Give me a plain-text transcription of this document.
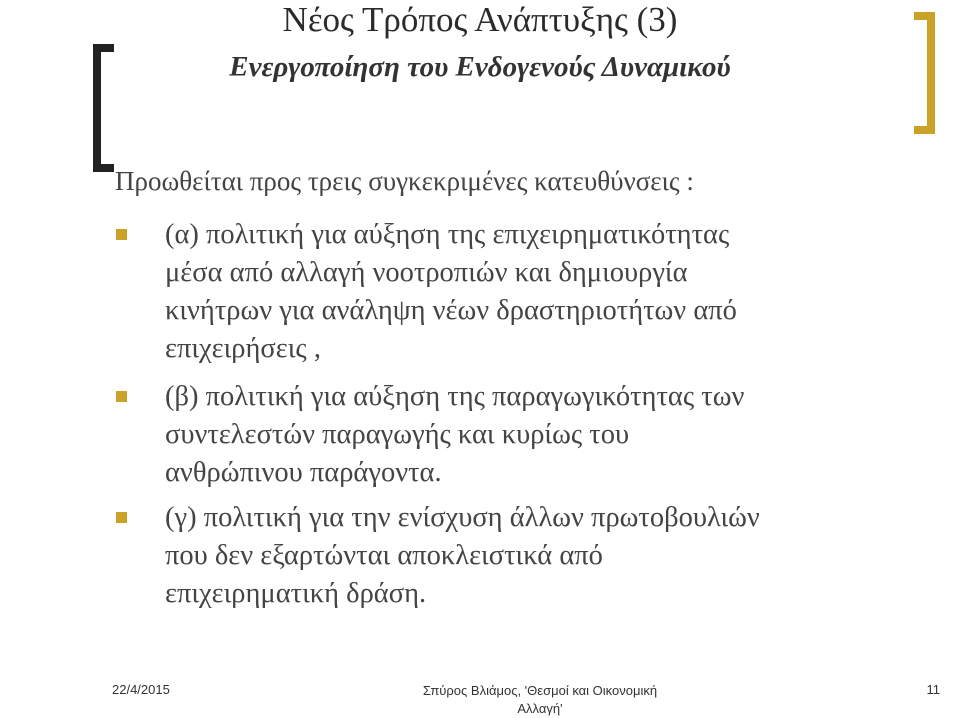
Νέος Τρόπος Ανάπτυξης (3)
Ενεργοποίηση του Ενδογενούς Δυναμικού
Προωθείται προς τρεις συγκεκριμένες κατευθύνσεις :
(α) πολιτική για αύξηση της επιχειρηματικότητας
μέσα από αλλαγή νοοτροπιών και δημιουργία
κινήτρων για ανάληψη νέων δραστηριοτήτων από
επιχειρήσεις ,
(β) πολιτική για αύξηση της παραγωγικότητας των
συντελεστών παραγωγής και κυρίως του
ανθρώπινου παράγοντα.
(γ) πολιτική για την ενίσχυση άλλων πρωτοβουλιών
που δεν εξαρτώνται αποκλειστικά από
επιχειρηματική δράση.
22/4/2015	Σπύρος Βλιάμος, 'Θεσμοί και Οικονομική
Αλλαγή'
11
